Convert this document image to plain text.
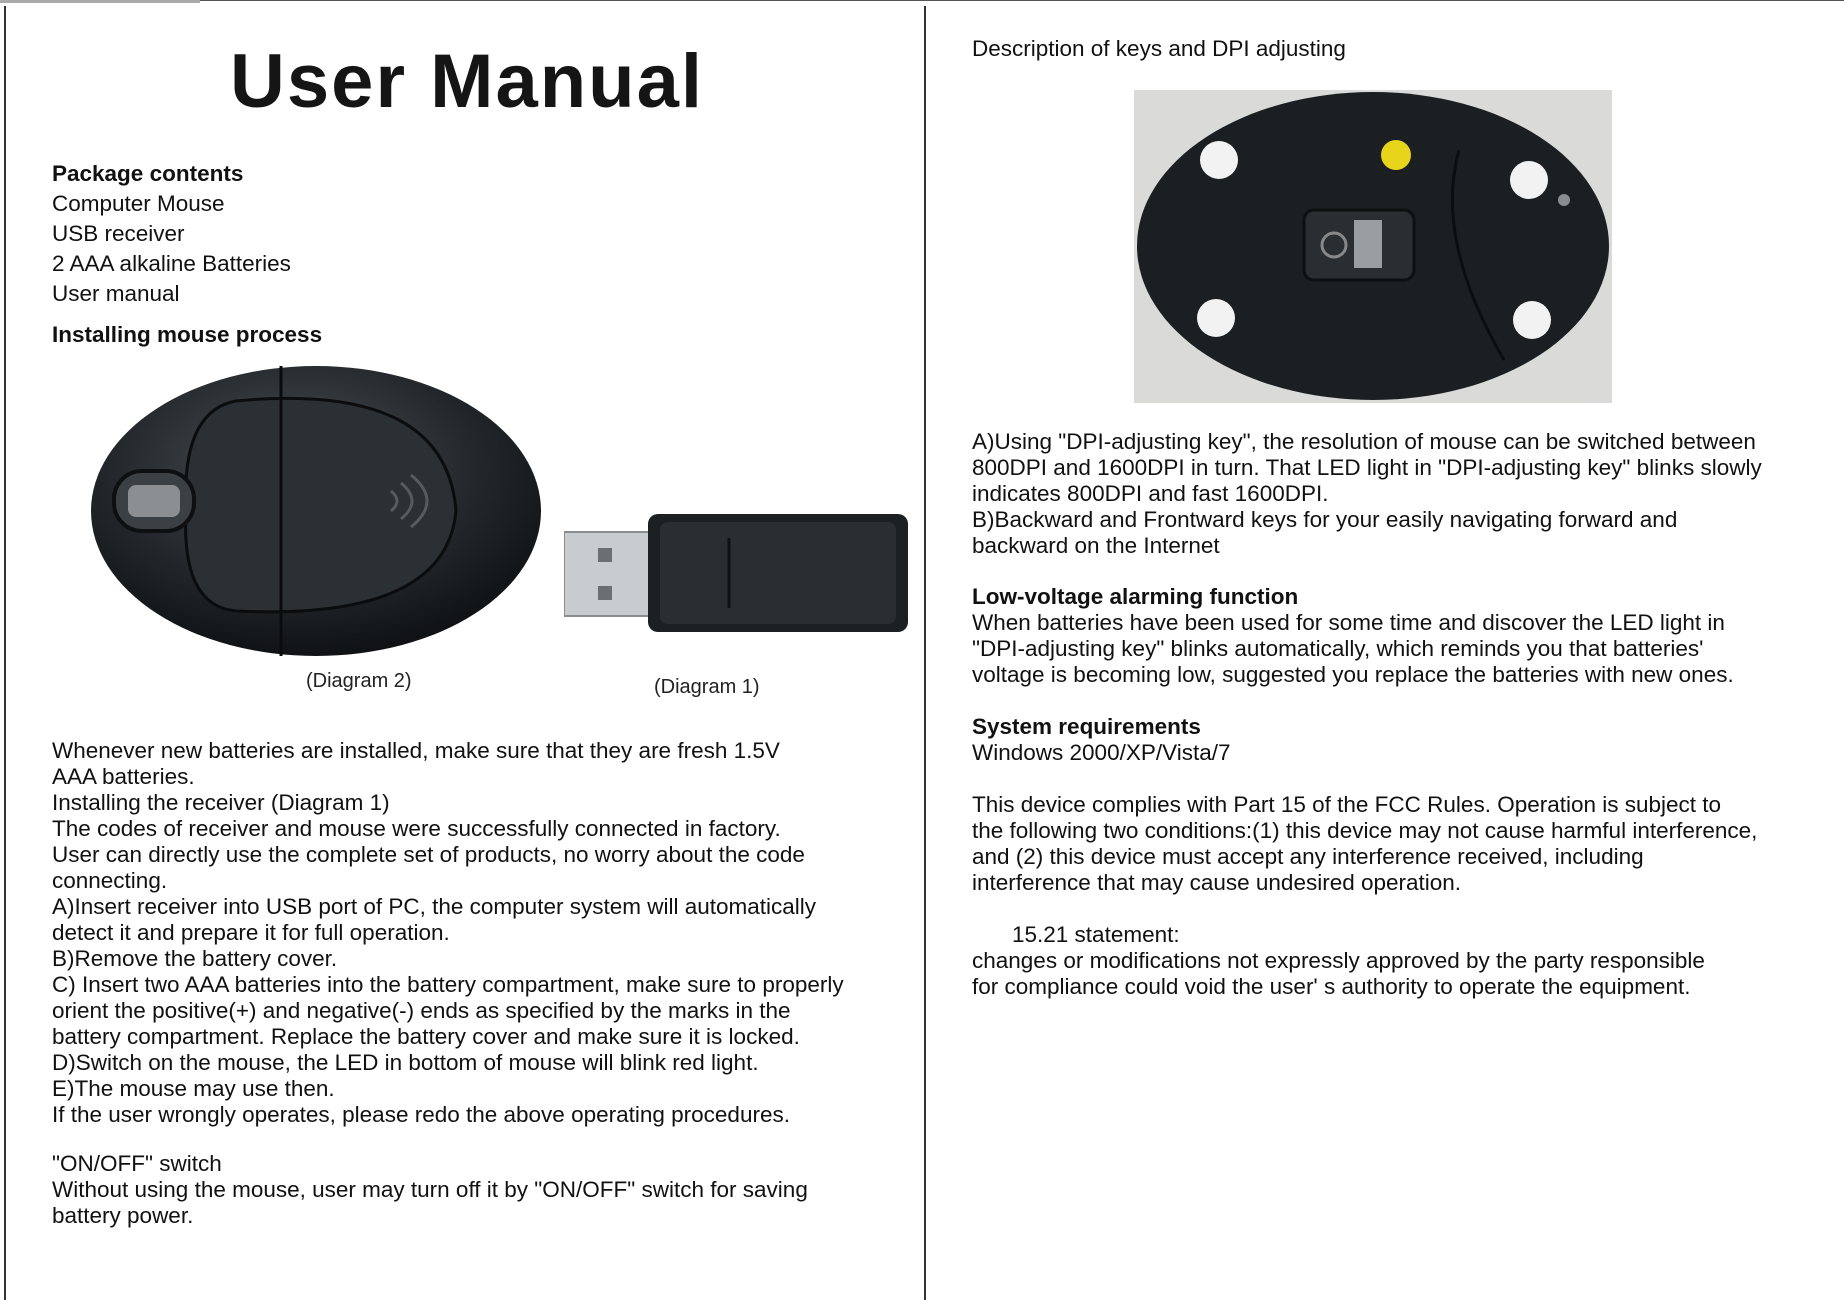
User Manual
Package contents
Computer Mouse
USB receiver
2 AAA alkaline Batteries
User manual
Installing mouse process
(Diagram 2)	(Diagram 1)
Whenever new batteries are installed, make sure that they are fresh 1.5V
AAA batteries.
Installing the receiver (Diagram 1)
The codes of receiver and mouse were successfully connected in factory.
User can directly use the complete set of products, no worry about the code
connecting.
A)Insert receiver into USB port of PC, the computer system will automatically
detect it and prepare it for full operation.
B)Remove the battery cover.
C) Insert two AAA batteries into the battery compartment, make sure to properly
orient the positive(+) and negative(-) ends as specified by the marks in the
battery compartment. Replace the battery cover and make sure it is locked.
D)Switch on the mouse, the LED in bottom of mouse will blink red light.
E)The mouse may use then.
If the user wrongly operates, please redo the above operating procedures.
"ON/OFF" switch
Without using the mouse, user may turn off it by "ON/OFF" switch for saving
battery power.
Description of keys and DPI adjusting
A)Using "DPI-adjusting key", the resolution of mouse can be switched between
800DPI and 1600DPI in turn. That LED light in "DPI-adjusting key" blinks slowly
indicates 800DPI and fast 1600DPI.
B)Backward and Frontward keys for your easily navigating forward and
backward on the Internet
Low-voltage alarming function
When batteries have been used for some time and discover the LED light in
"DPI-adjusting key" blinks automatically, which reminds you that batteries'
voltage is becoming low, suggested you replace the batteries with new ones.
System requirements
Windows 2000/XP/Vista/7
This device complies with Part 15 of the FCC Rules. Operation is subject to
the following two conditions:(1) this device may not cause harmful interference,
and (2) this device must accept any interference received, including
interference that may cause undesired operation.
15.21 statement:
changes or modifications not expressly approved by the party responsible
for compliance could void the user' s authority to operate the equipment.
